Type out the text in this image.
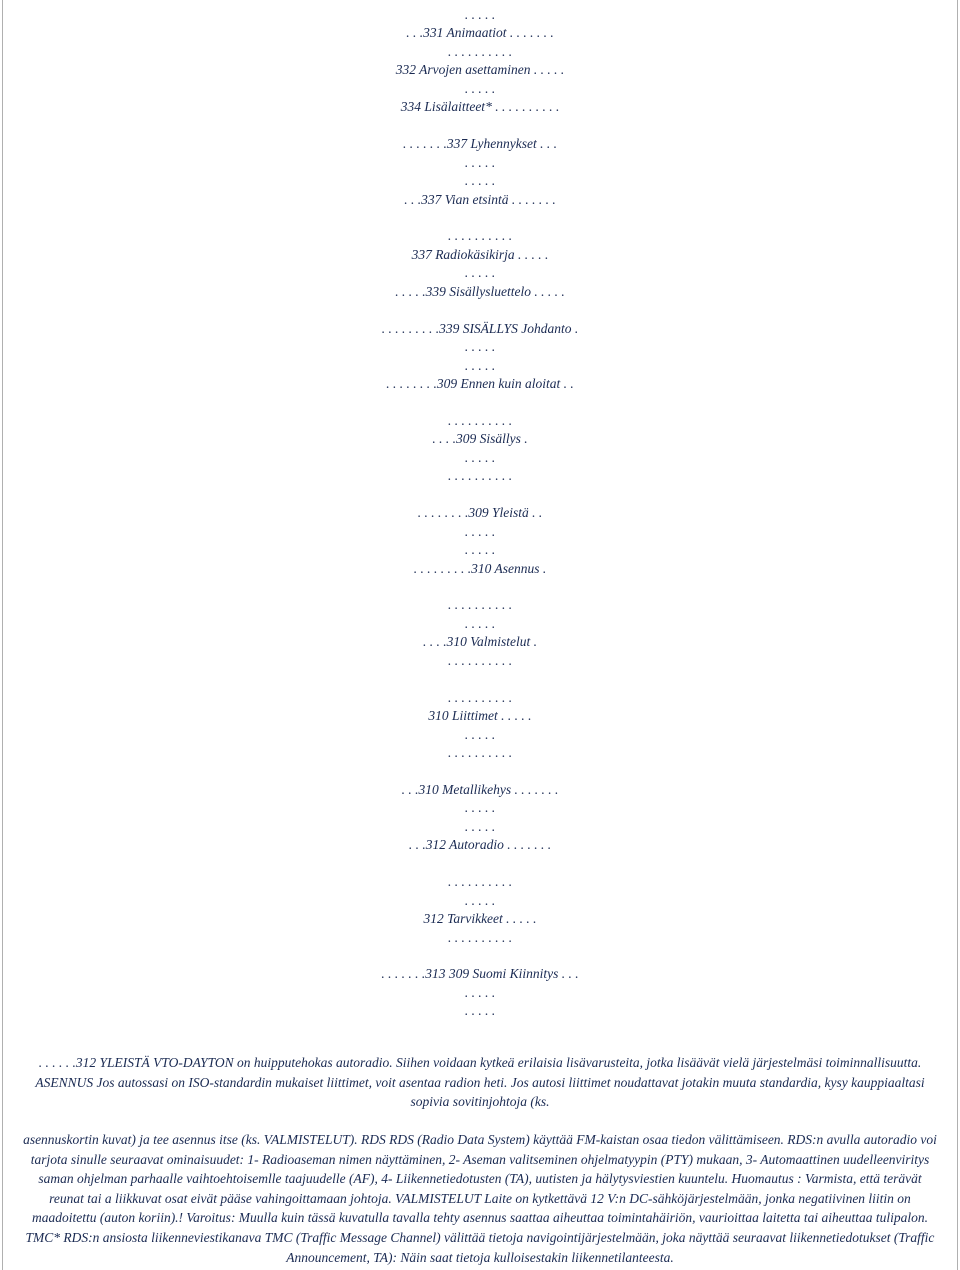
. . . . .
. . .331 Animaatiot . . . . . . .
. . . . . . . . . .
332 Arvojen asettaminen . . . . .
. . . . .
334 Lisälaitteet* . . . . . . . . . .
. . . . . . .337 Lyhennykset . . .
. . . . .
. . . . .
. . .337 Vian etsintä . . . . . . .
. . . . . . . . . .
337 Radiokäsikirja . . . . .
. . . . .
. . . . .339 Sisällysluettelo . . . . .
. . . . . . . . .339 SISÄLLYS Johdanto .
. . . . .
. . . . .
. . . . . . . .309 Ennen kuin aloitat . .
. . . . . . . . . .
. . . .309 Sisällys .
. . . . .
. . . . . . . . . .
. . . . . . . .309 Yleistä . .
. . . . .
. . . . .
. . . . . . . . .310 Asennus .
. . . . . . . . . .
. . . . .
. . . .310 Valmistelut .
. . . . . . . . . .
. . . . . . . . . .
310 Liittimet . . . . .
. . . . .
. . . . . . . . . .
. . .310 Metallikehys . . . . . . .
. . . . .
. . . . .
. . .312 Autoradio . . . . . . .
. . . . . . . . . .
. . . . .
312 Tarvikkeet . . . . .
. . . . . . . . . .
. . . . . . .313 309 Suomi Kiinnitys . . .
. . . . .
. . . . .

. . . . . .312 YLEISTÄ VTO-DAYTON on huipputehokas autoradio. Siihen voidaan kytkeä erilaisia lisävarusteita, jotka lisäävät vielä järjestelmäsi toiminnallisuutta. ASENNUS Jos autossasi on ISO-standardin mukaiset liittimet, voit asentaa radion heti. Jos autosi liittimet noudattavat jotakin muuta standardia, kysy kauppiaaltasi sopivia sovitinjohtoja (ks.

asennuskortin kuvat) ja tee asennus itse (ks. VALMISTELUT). RDS RDS (Radio Data System) käyttää FM-kaistan osaa tiedon välittämiseen. RDS:n avulla autoradio voi tarjota sinulle seuraavat ominaisuudet: 1- Radioaseman nimen näyttäminen, 2- Aseman valitseminen ohjelmatyypin (PTY) mukaan, 3- Automaattinen uudelleenviritys saman ohjelman parhaalle vaihtoehtoisemlle taajuudelle (AF), 4- Liikennetiedotusten (TA), uutisten ja hälytysviestien kuuntelu. Huomautus : Varmista, että terävät reunat tai a liikkuvat osat eivät pääse vahingoittamaan johtoja. VALMISTELUT Laite on kytkettävä 12 V:n DC-sähköjärjestelmään, jonka negatiivinen liitin on maadoitettu (auton koriin).! Varoitus: Muulla kuin tässä kuvatulla tavalla tehty asennus saattaa aiheuttaa toimintahäiriön, vaurioittaa laitetta tai aiheuttaa tulipalon. TMC* RDS:n ansiosta liikenneviestikanava TMC (Traffic Message Channel) välittää tietoja navigointijärjestelmään, joka näyttää seuraavat liikennetiedotukset (Traffic Announcement, TA): Näin saat tietoja kulloisestakin liikennetilanteesta.
